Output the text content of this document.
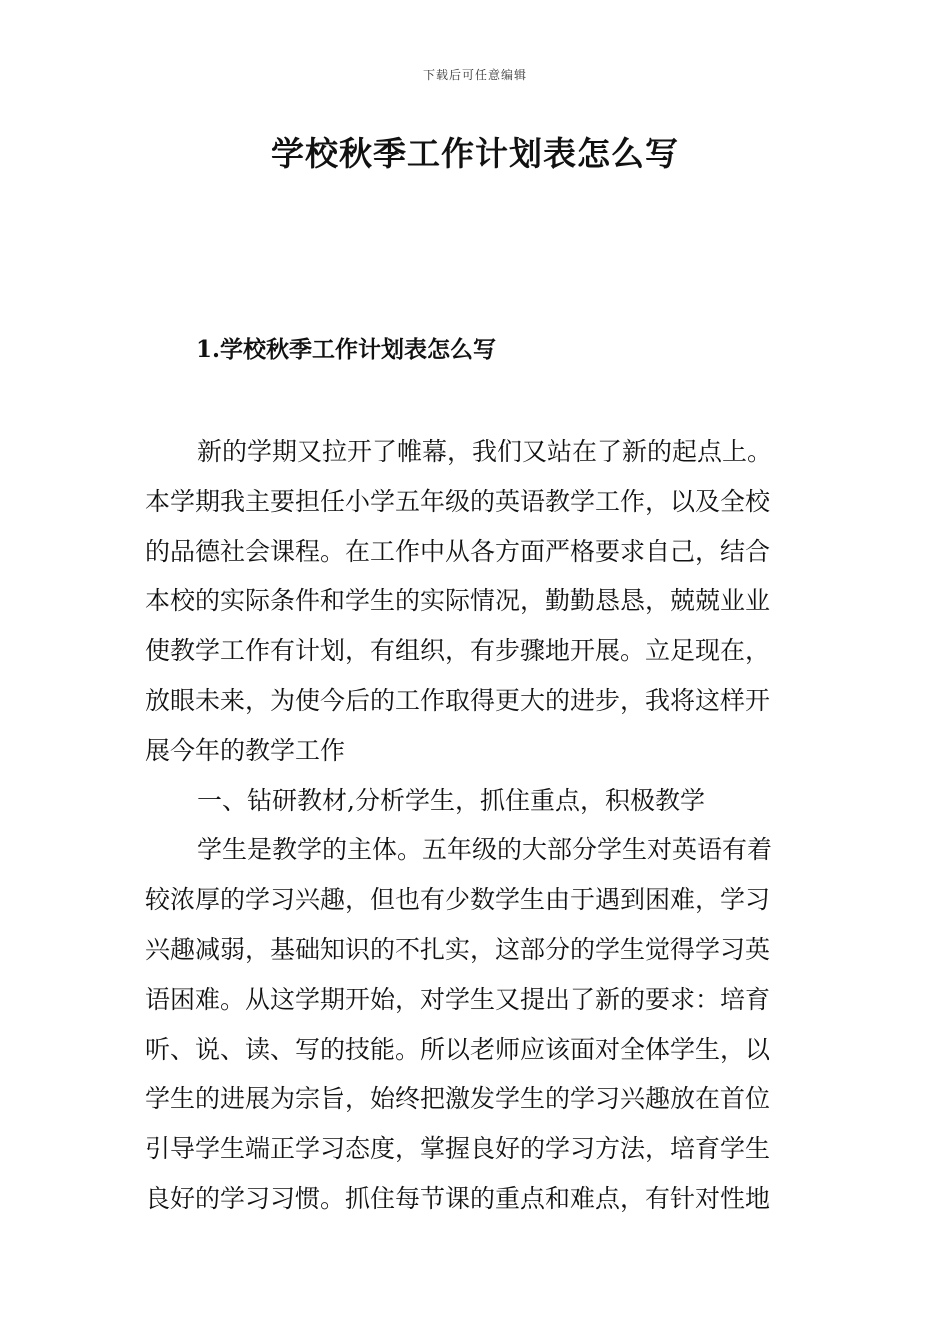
下载后可任意编辑
学校秋季工作计划表怎么写
1.学校秋季工作计划表怎么写
新的学期又拉开了帷幕，我们又站在了新的起点上。
本学期我主要担任小学五年级的英语教学工作，以及全校
的品德社会课程。在工作中从各方面严格要求自己，结合
本校的实际条件和学生的实际情况，勤勤恳恳，兢兢业业
使教学工作有计划，有组织，有步骤地开展。立足现在，
放眼未来，为使今后的工作取得更大的进步，我将这样开
展今年的教学工作
一、钻研教材,分析学生，抓住重点，积极教学
学生是教学的主体。五年级的大部分学生对英语有着
较浓厚的学习兴趣，但也有少数学生由于遇到困难，学习
兴趣减弱，基础知识的不扎实，这部分的学生觉得学习英
语困难。从这学期开始，对学生又提出了新的要求：培育
听、说、读、写的技能。所以老师应该面对全体学生，以
学生的进展为宗旨，始终把激发学生的学习兴趣放在首位
引导学生端正学习态度，掌握良好的学习方法，培育学生
良好的学习习惯。抓住每节课的重点和难点，有针对性地
